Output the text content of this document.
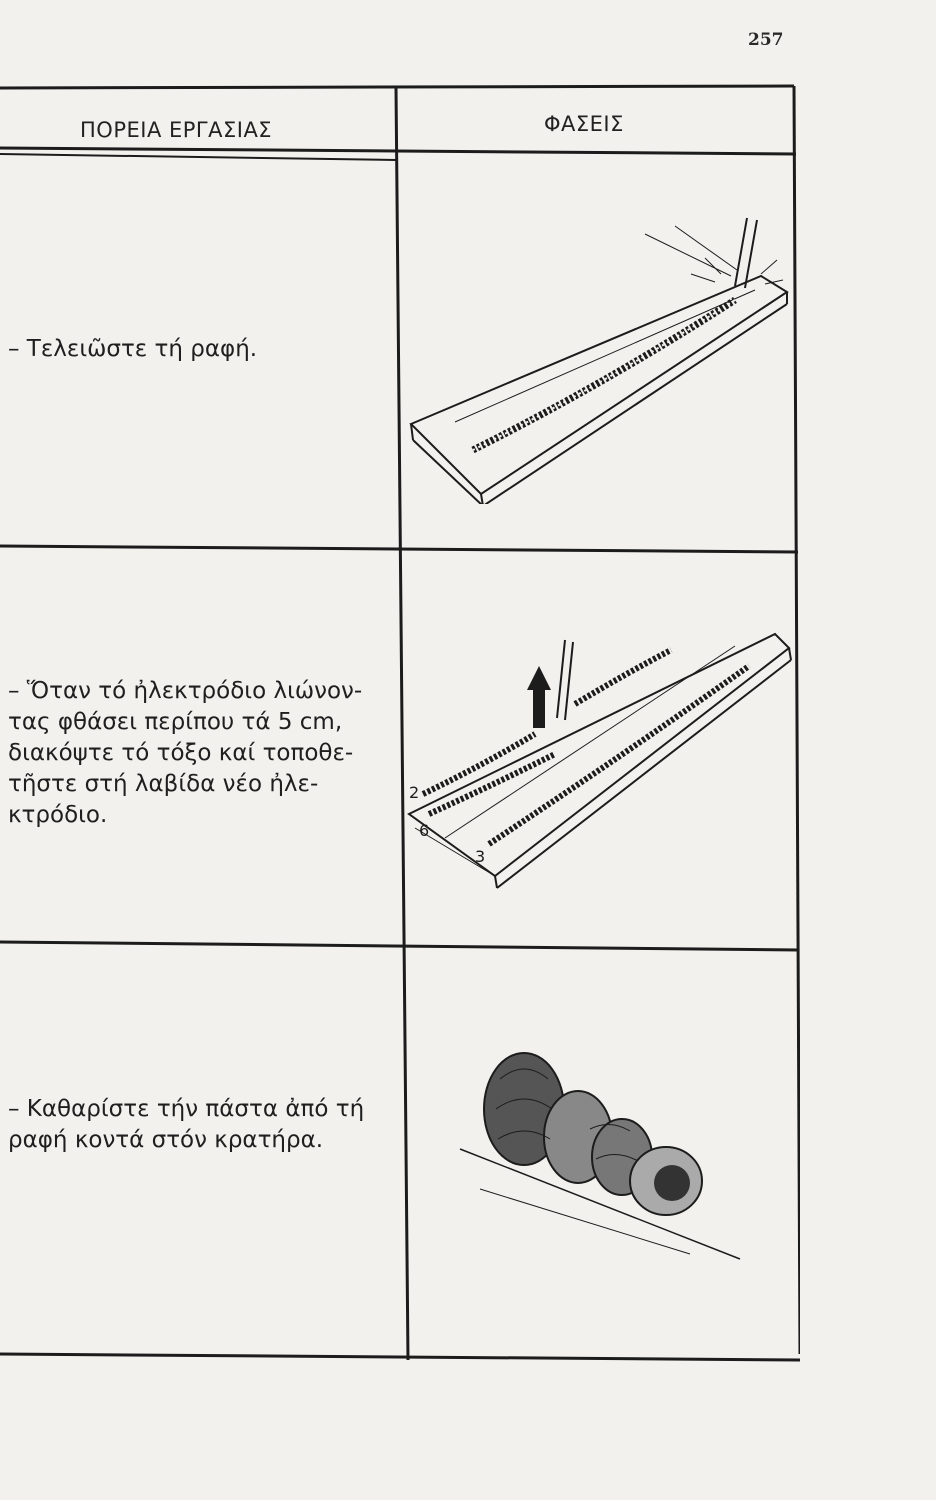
257
ΠΟΡΕΙΑ ΕΡΓΑΣΙΑΣ	ΦΑΣΕΙΣ
– Τελειῶστε τή ραφή.
– Ὅταν τό ἠλεκτρόδιο λιώνον-
τας φθάσει περίπου τά 5 cm,
διακόψτε τό τόξο καί τοποθε-
τῆστε στή λαβίδα νέο ἠλε-
κτρόδιο.
2
6
3
– Καθαρίστε τήν πάστα ἀπό τή
ραφή κοντά στόν κρατήρα.
